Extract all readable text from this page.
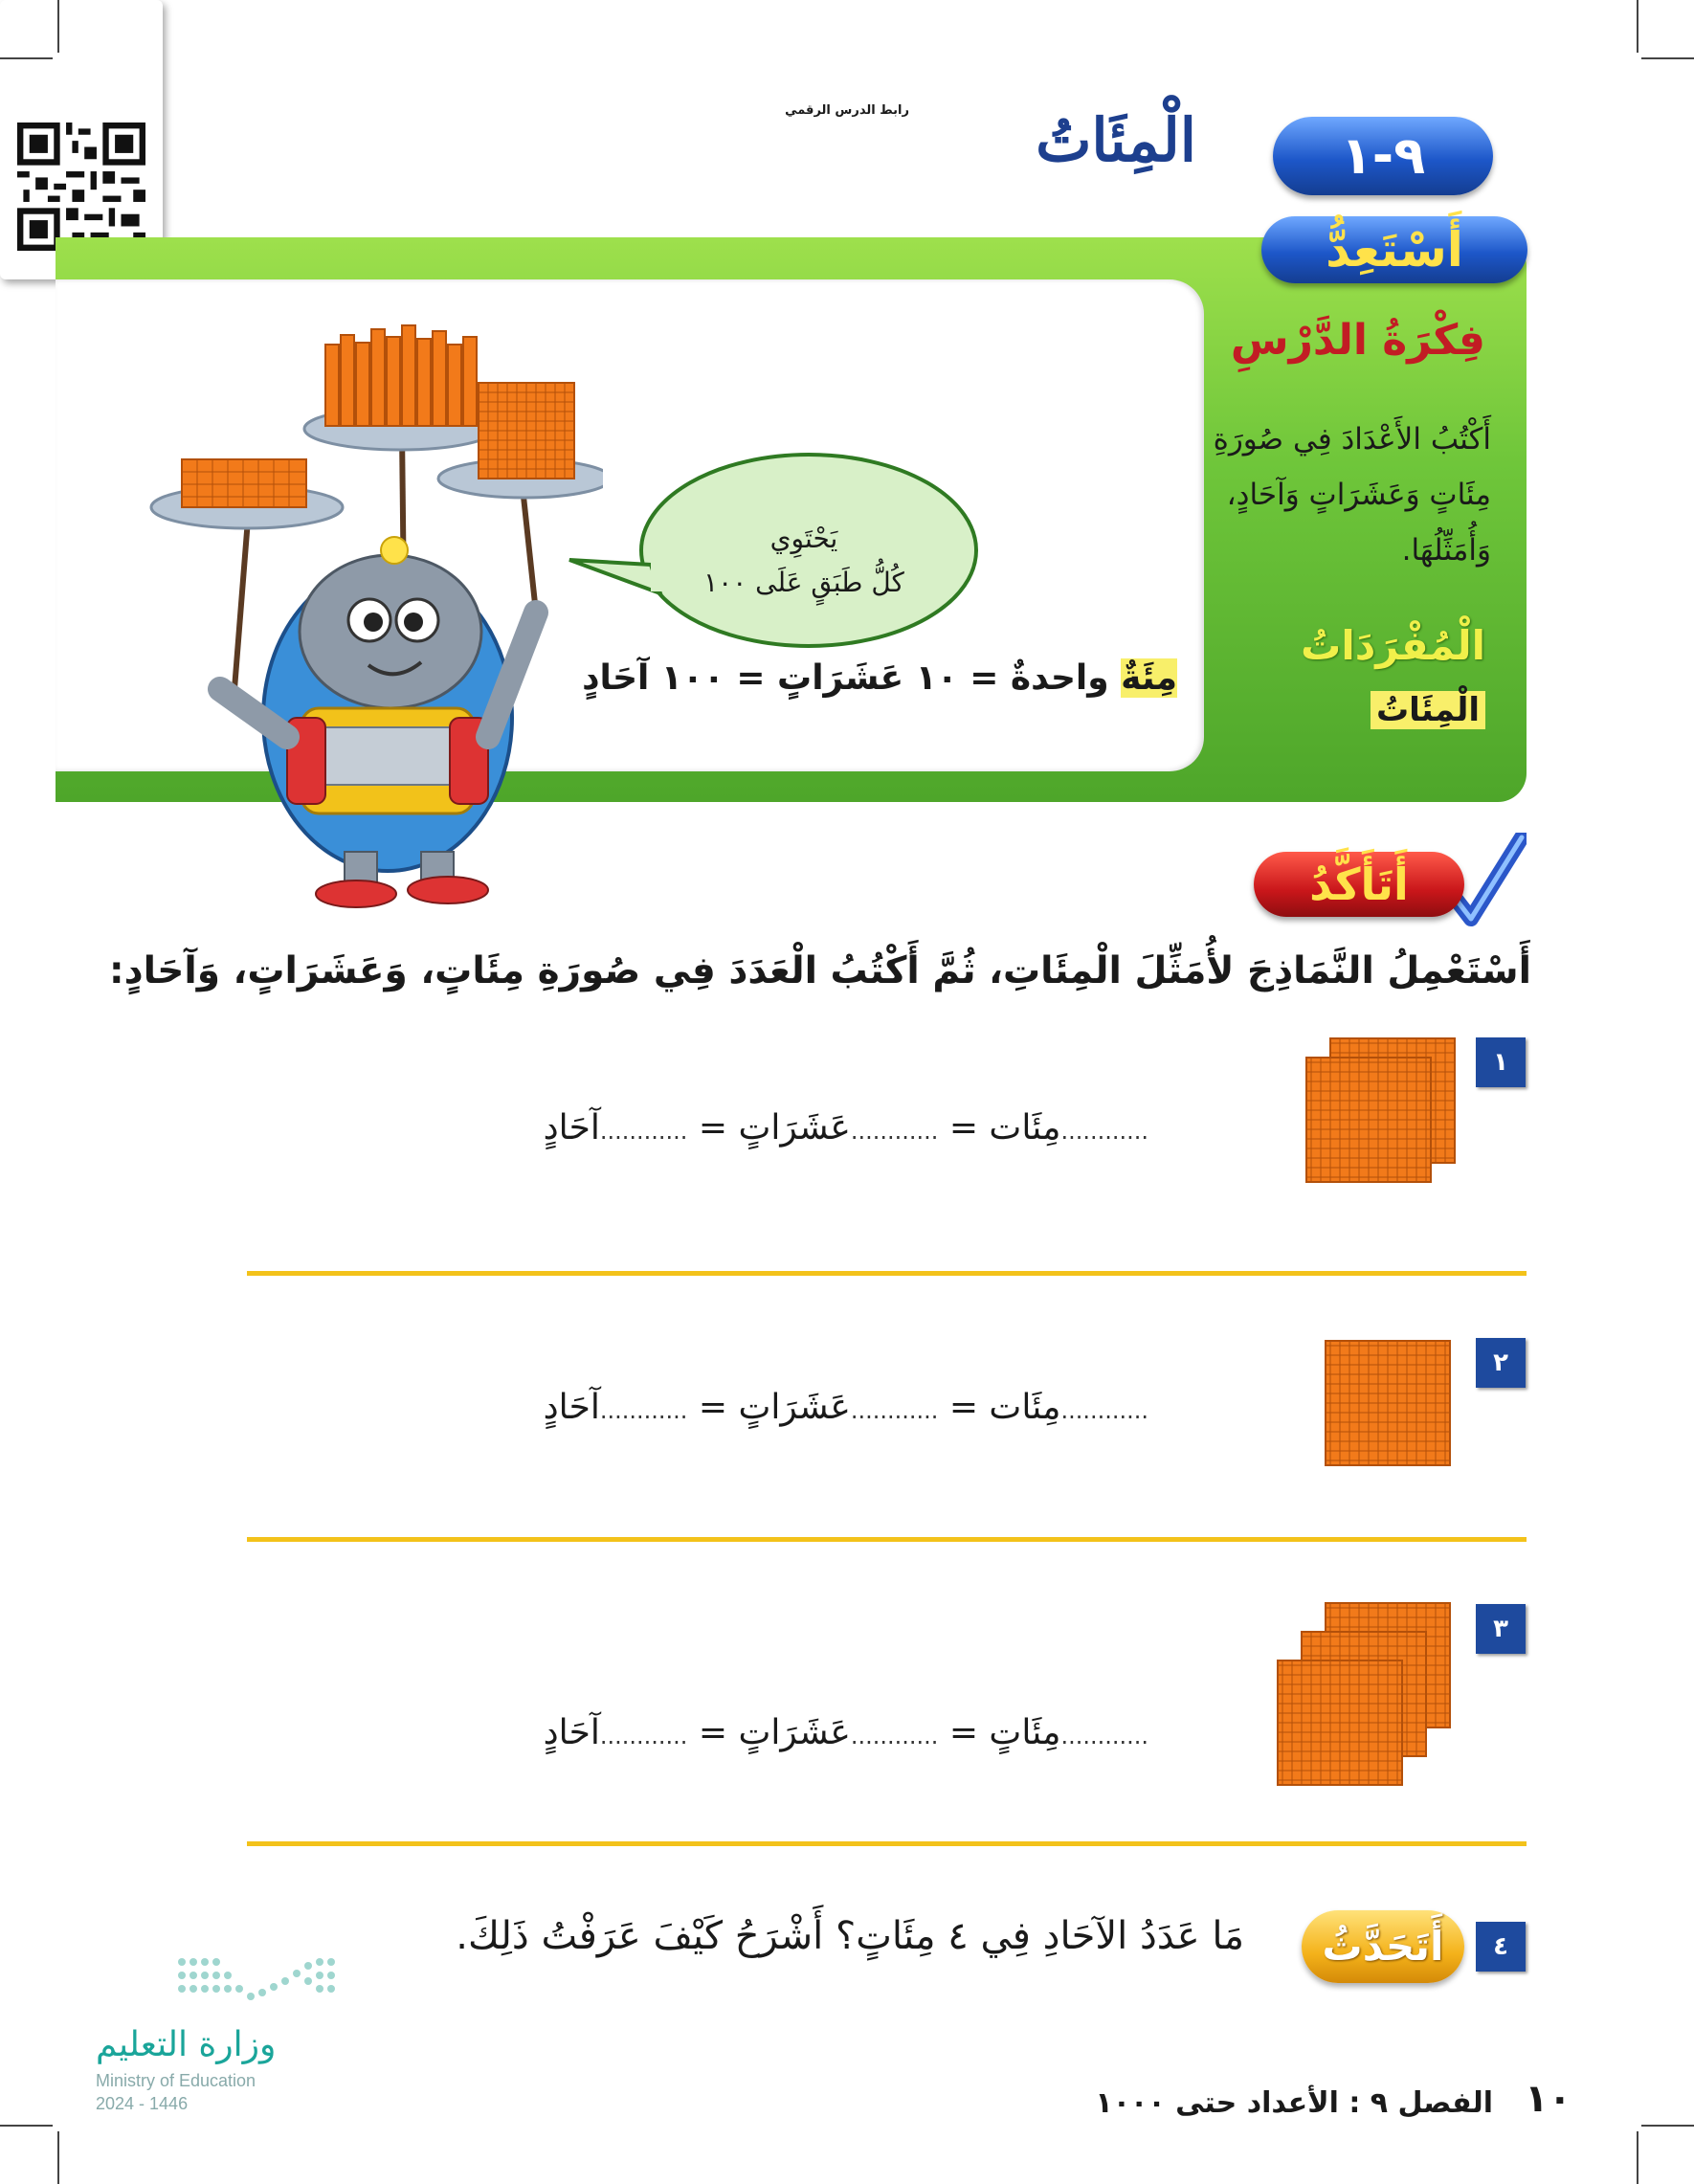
رابط الدرس الرقمي
٩-١
الْمِئَاتُ
أَسْتَعِدُّ
فِكْرَةُ الدَّرْسِ
أَكْتُبُ الأَعْدَادَ فِي صُورَةِ مِئَاتٍ وَعَشَرَاتٍ وَآحَادٍ، وَأُمَثِّلُهَا.
الْمُفْرَدَاتُ
الْمِئَاتُ
يَحْتَوِي
كُلُّ طَبَقٍ عَلَى ١٠٠
مِئَةٌ واحدةٌ = ١٠ عَشَرَاتٍ = ١٠٠ آحَادٍ
أَتَأَكَّدُ
أَسْتَعْمِلُ النَّمَاذِجَ لأُمَثِّلَ الْمِئَاتِ، ثُمَّ أَكْتُبُ الْعَدَدَ فِي صُورَةِ مِئَاتٍ، وَعَشَرَاتٍ، وَآحَادٍ:
١
............مِئَات = ............عَشَرَاتٍ = ............آحَادٍ
٢
............مِئَات = ............عَشَرَاتٍ = ............آحَادٍ
٣
............مِئَاتٍ = ............عَشَرَاتٍ = ............آحَادٍ
٤
أَتَحَدَّثُ
مَا عَدَدُ الآحَادِ فِي ٤ مِئَاتٍ؟ أَشْرَحُ كَيْفَ عَرَفْتُ ذَلِكَ.
وزارة التعليم
Ministry of Education
2024 - 1446	الفصل ٩ : الأعداد حتى ١٠٠٠ ١٠
